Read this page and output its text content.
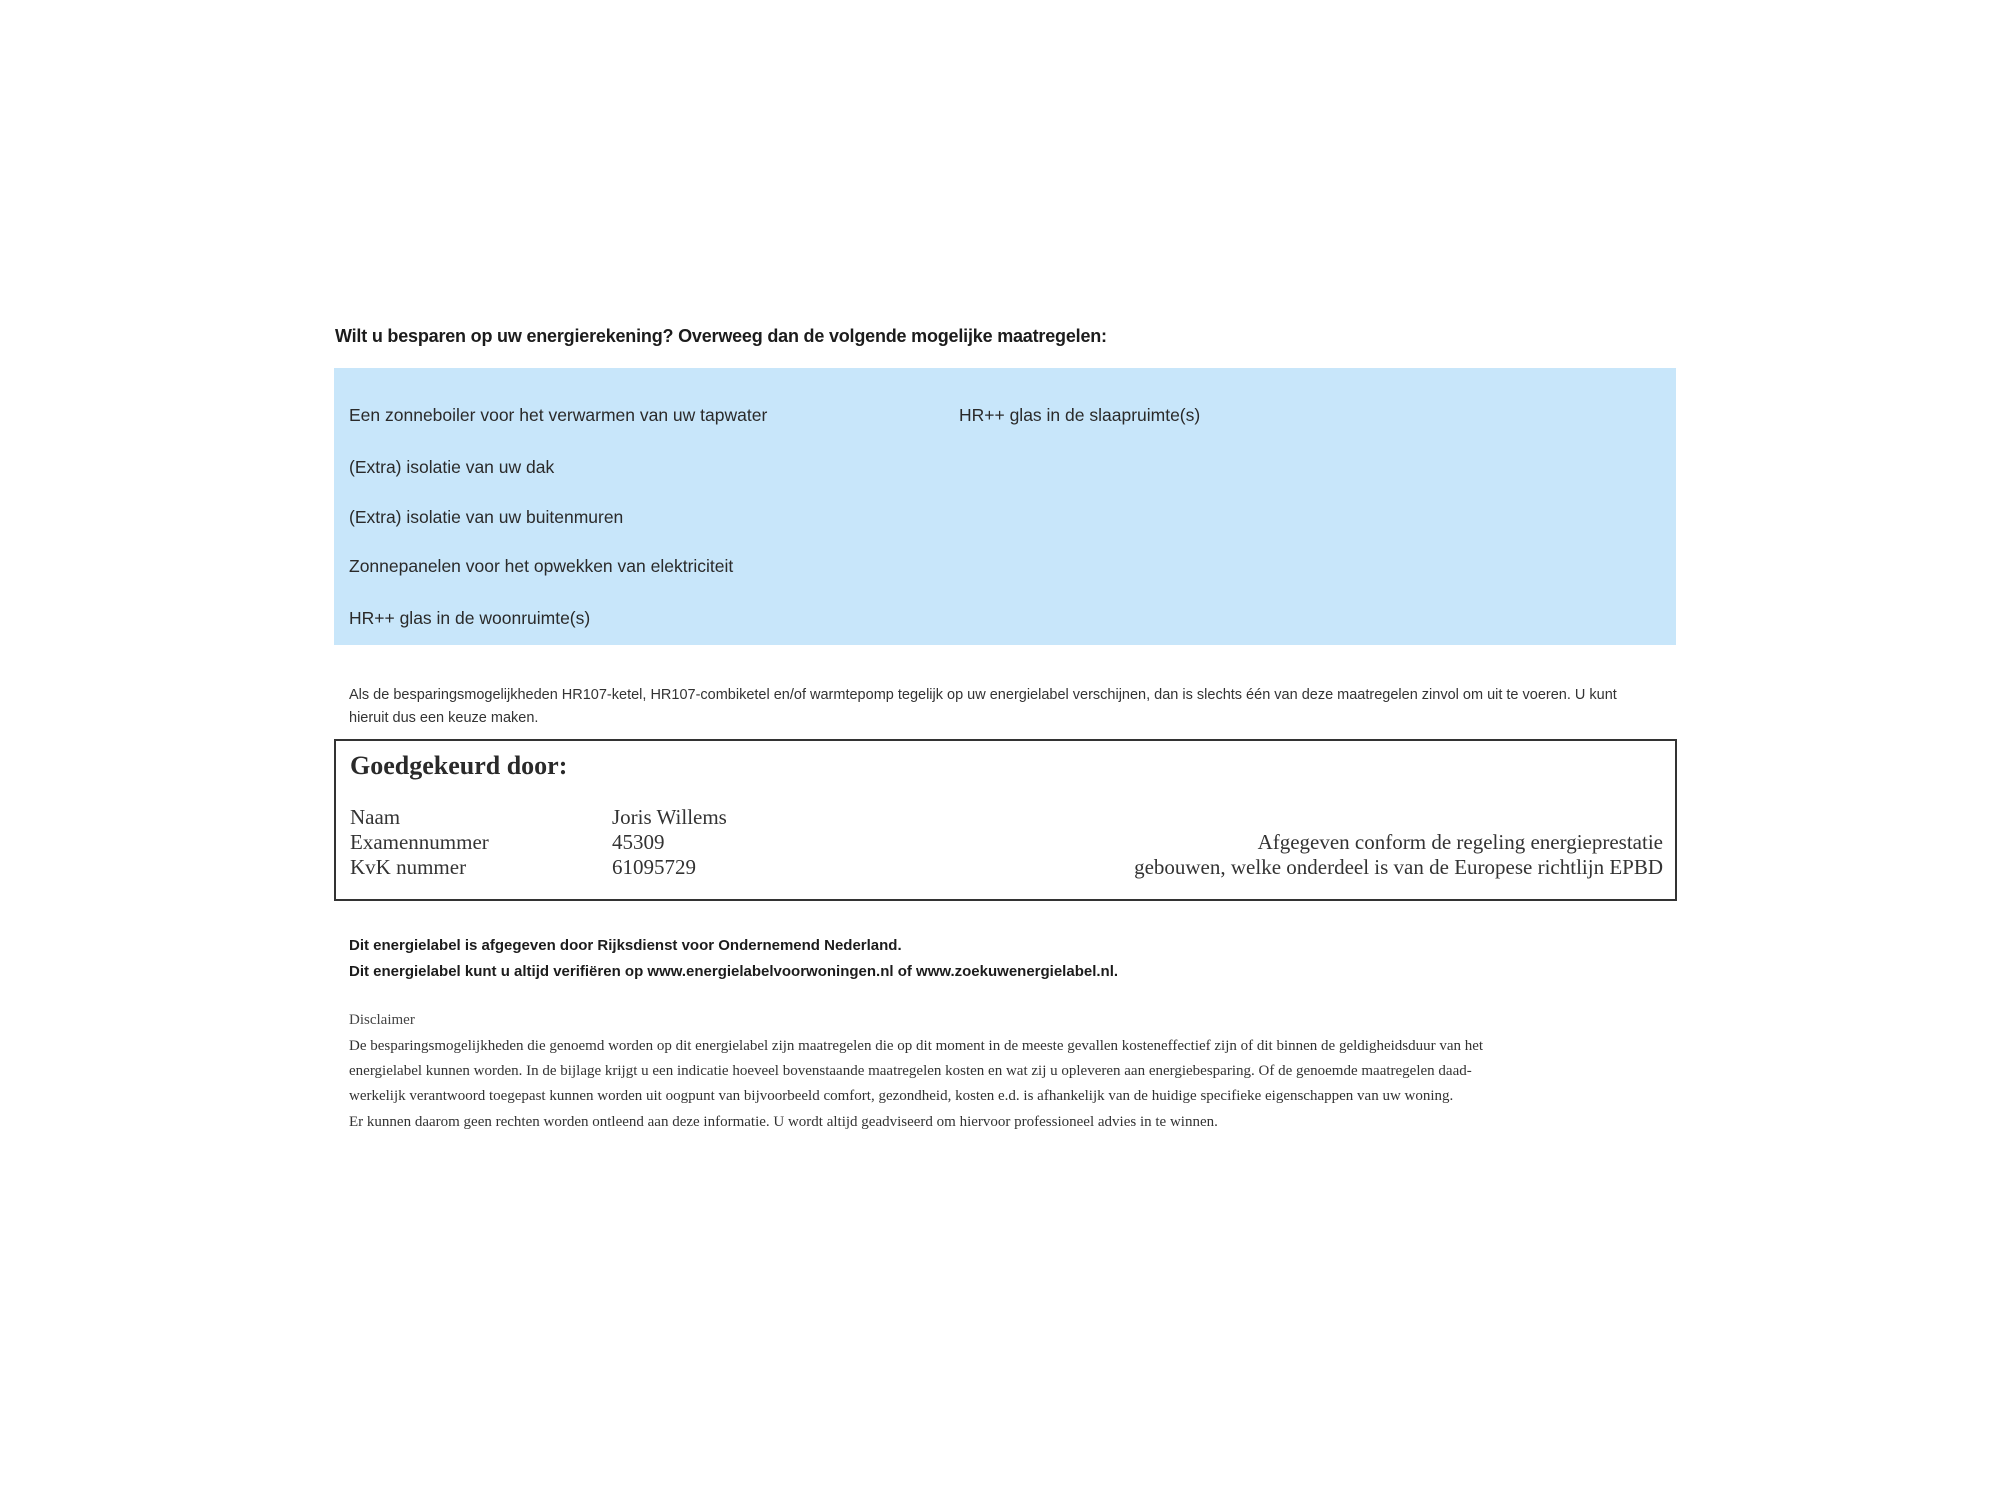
Wilt u besparen op uw energierekening? Overweeg dan de volgende mogelijke maatregelen:
Een zonneboiler voor het verwarmen van uw tapwater
(Extra) isolatie van uw dak
(Extra) isolatie van uw buitenmuren
Zonnepanelen voor het opwekken van elektriciteit
HR++ glas in de woonruimte(s)
HR++ glas in de slaapruimte(s)
Als de besparingsmogelijkheden HR107-ketel, HR107-combiketel en/of warmtepomp tegelijk op uw energielabel verschijnen, dan is slechts één van deze maatregelen zinvol om uit te voeren. U kunt hieruit dus een keuze maken.
Goedgekeurd door:
Naam	Joris Willems
Examennummer	45309
KvK nummer	61095729
Afgegeven conform de regeling energieprestatie
gebouwen, welke onderdeel is van de Europese richtlijn EPBD
Dit energielabel is afgegeven door Rijksdienst voor Ondernemend Nederland.
Dit energielabel kunt u altijd verifiëren op www.energielabelvoorwoningen.nl of www.zoekuwenergielabel.nl.
Disclaimer
De besparingsmogelijkheden die genoemd worden op dit energielabel zijn maatregelen die op dit moment in de meeste gevallen kosteneffectief zijn of dit binnen de geldigheidsduur van het
energielabel kunnen worden. In de bijlage krijgt u een indicatie hoeveel bovenstaande maatregelen kosten en wat zij u opleveren aan energiebesparing. Of de genoemde maatregelen daad-
werkelijk verantwoord toegepast kunnen worden uit oogpunt van bijvoorbeeld comfort, gezondheid, kosten e.d. is afhankelijk van de huidige specifieke eigenschappen van uw woning.
Er kunnen daarom geen rechten worden ontleend aan deze informatie. U wordt altijd geadviseerd om hiervoor professioneel advies in te winnen.
